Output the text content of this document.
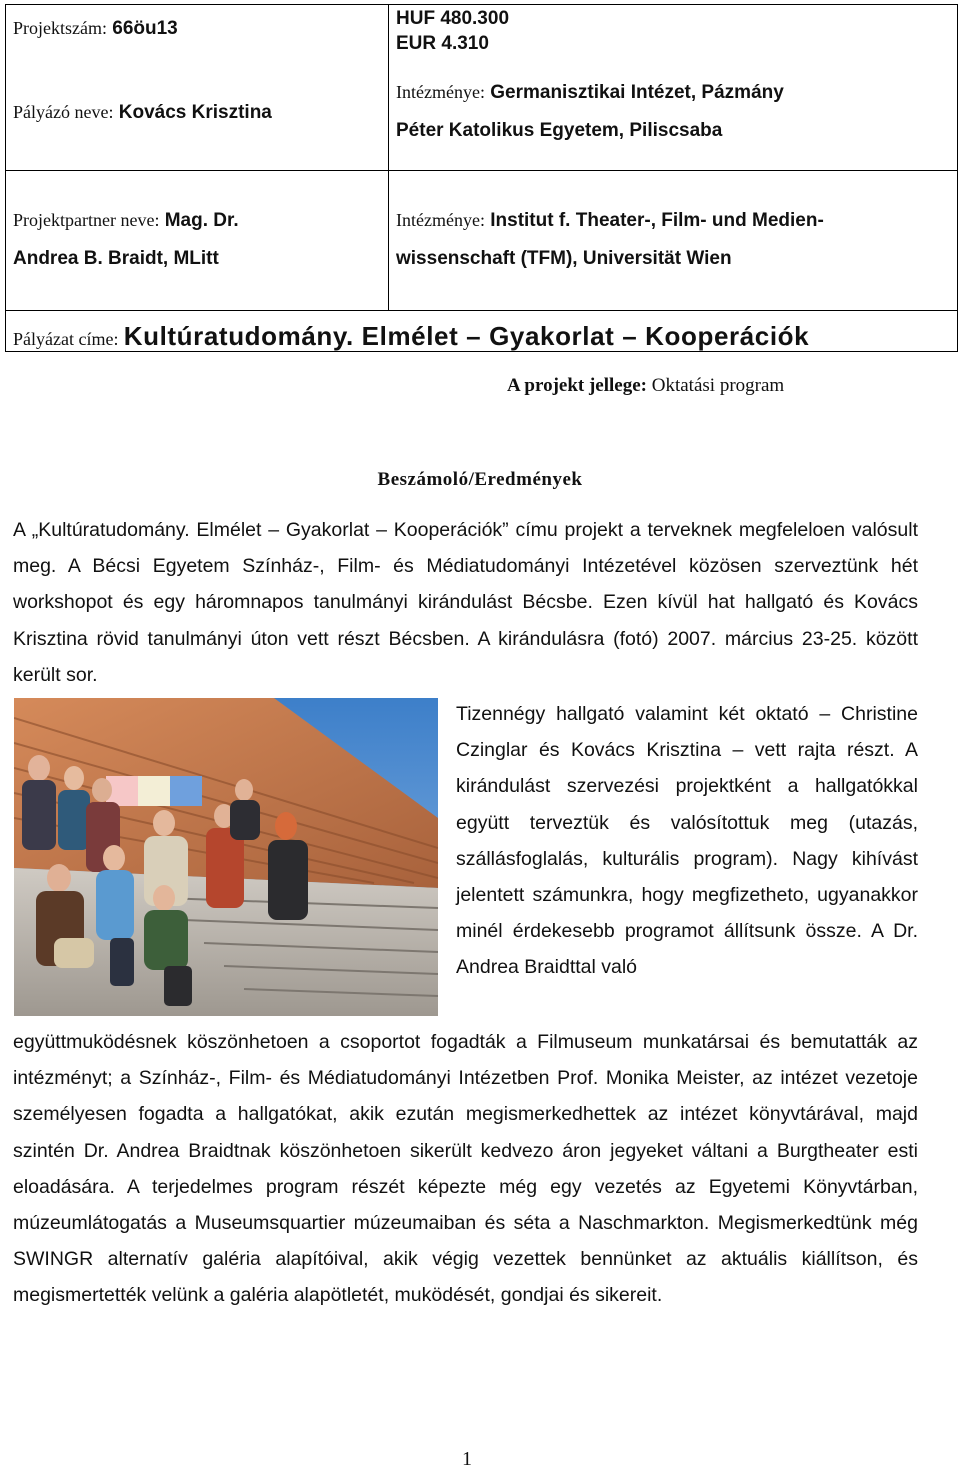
Projektszám: 66öu13
Pályázó neve: Kovács Krisztina
HUF 480.300
EUR 4.310
Intézménye: Germanisztikai Intézet, Pázmány
Péter Katolikus Egyetem, Piliscsaba
Projektpartner neve: Mag. Dr.
Andrea B. Braidt, MLitt
Intézménye: Institut f. Theater-, Film- und Medien-
wissenschaft (TFM), Universität Wien
Pályázat címe: Kultúratudomány. Elmélet – Gyakorlat – Kooperációk
A projekt jellege: Oktatási program
Beszámoló/Eredmények

A „Kultúratudomány. Elmélet – Gyakorlat – Kooperációk” címu projekt a terveknek megfeleloen valósult meg. A Bécsi Egyetem Színház-, Film- és Médiatudományi Intézetével közösen szerveztünk hét workshopot és egy háromnapos tanulmányi kirándulást Bécsbe. Ezen kívül hat hallgató és Kovács Krisztina rövid tanulmányi úton vett részt Bécsben. A kirándulásra (fotó) 2007. március 23-25. között került sor.

Tizennégy hallgató valamint két oktató – Christine Czinglar és Kovács Krisztina – vett rajta részt. A kirándulást szervezési projektként a hallgatókkal együtt terveztük és valósítottuk meg (utazás, szállásfoglalás, kulturális program). Nagy kihívást jelentett számunkra, hogy megfizetheto, ugyanakkor minél érdekesebb programot állítsunk össze. A Dr. Andrea Braidttal való

együttmuködésnek köszönhetoen a csoportot fogadták a Filmuseum munkatársai és bemutatták az intézményt; a Színház-, Film- és Médiatudományi Intézetben Prof. Monika Meister, az intézet vezetoje személyesen fogadta a hallgatókat, akik ezután megismerkedhettek az intézet könyvtárával, majd szintén Dr. Andrea Braidtnak köszönhetoen sikerült kedvezo áron jegyeket váltani a Burgtheater esti eloadására. A terjedelmes program részét képezte még egy vezetés az Egyetemi Könyvtárban, múzeumlátogatás a Museumsquartier múzeumaiban és séta a Naschmarkton. Megismerkedtünk még SWINGR alternatív galéria alapítóival, akik végig vezettek bennünket az aktuális kiállítson, és megismertették velünk a galéria alapötletét, muködését, gondjai és sikereit.

1
